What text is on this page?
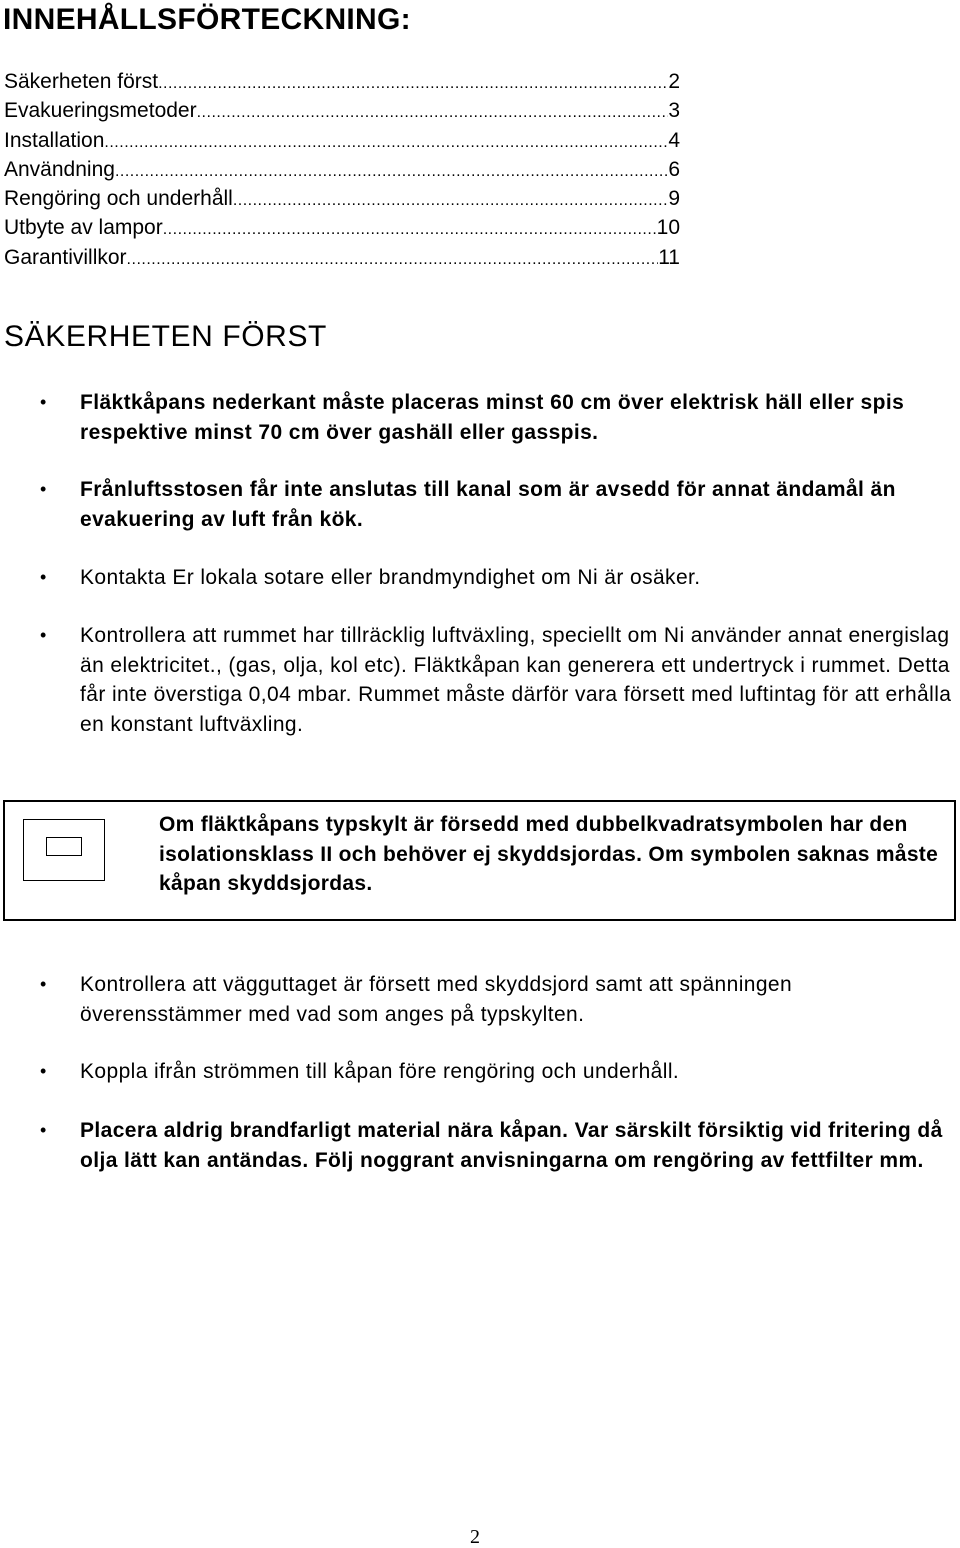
INNEHÅLLSFÖRTECKNING:
Säkerheten först .....	2
Evakueringsmetoder .....	3
Installation .....	4
Användning .....	6
Rengöring och underhåll .....	9
Utbyte av lampor .....	10
Garantivillkor .....	11
SÄKERHETEN FÖRST
•	Fläktkåpans nederkant måste placeras minst 60 cm över elektrisk häll eller spis respektive minst 70 cm över gashäll eller gasspis.
•	Frånluftsstosen får inte anslutas till kanal som är avsedd för annat ändamål än evakuering av luft från kök.
•	Kontakta Er lokala sotare eller brandmyndighet om Ni är osäker.
•	Kontrollera att rummet har tillräcklig luftväxling, speciellt om Ni använder annat energislag än elektricitet., (gas, olja, kol etc). Fläktkåpan kan generera ett undertryck i rummet. Detta får inte överstiga 0,04 mbar. Rummet måste därför vara försett med luftintag för att erhålla en konstant luftväxling.
Om fläktkåpans typskylt är försedd med dubbelkvadratsymbolen har den isolationsklass II och behöver ej skyddsjordas. Om symbolen saknas måste kåpan skyddsjordas.
•	Kontrollera att vägguttaget är försett med skyddsjord samt att spänningen överensstämmer med vad som anges på typskylten.
•	Koppla ifrån strömmen till kåpan före rengöring och underhåll.
•	Placera aldrig brandfarligt material nära kåpan. Var särskilt försiktig vid fritering då olja lätt kan antändas. Följ noggrant anvisningarna om rengöring av fettfilter mm.
2
